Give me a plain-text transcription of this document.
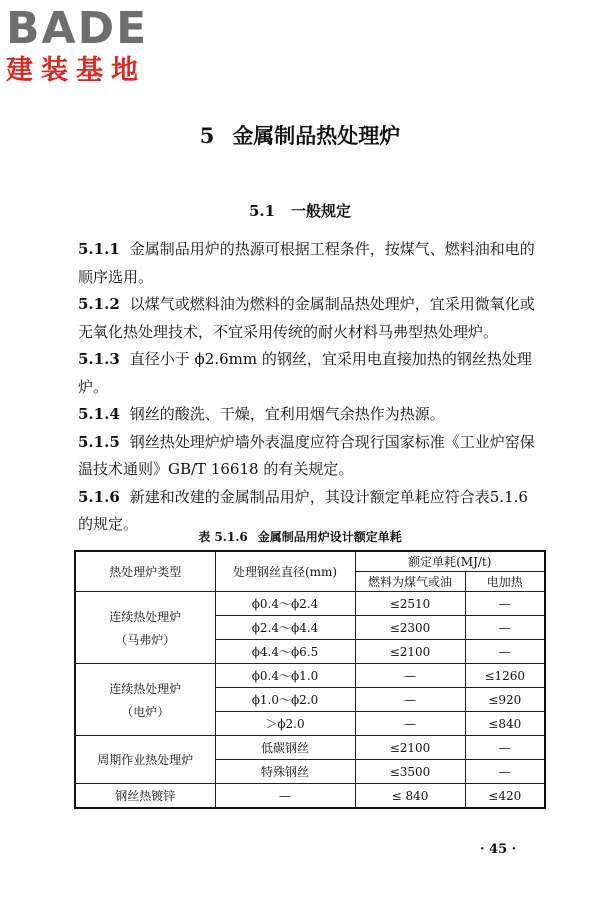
BADE
建装基地
5 金属制品热处理炉
5.1 一般规定

5.1.1 金属制品用炉的热源可根据工程条件，按煤气、燃料油和电的顺序选用。

5.1.2 以煤气或燃料油为燃料的金属制品热处理炉，宜采用微氧化或无氧化热处理技术，不宜采用传统的耐火材料马弗型热处理炉。

5.1.3 直径小于 ϕ2.6mm 的钢丝，宜采用电直接加热的钢丝热处理炉。

5.1.4 钢丝的酸洗、干燥，宜利用烟气余热作为热源。

5.1.5 钢丝热处理炉炉墙外表温度应符合现行国家标准《工业炉窑保温技术通则》GB/T 16618 的有关规定。

5.1.6 新建和改建的金属制品用炉，其设计额定单耗应符合表5.1.6 的规定。

表 5.1.6 金属制品用炉设计额定单耗
热处理炉类型	处理钢丝直径(mm)	额定单耗(MJ/t)	
		燃料为煤气或油	电加热

连续热处理炉
（马弗炉）	ϕ0.4～ϕ2.4	≤2510	—
	ϕ2.4～ϕ4.4	≤2300	—
	ϕ4.4～ϕ6.5	≤2100	—

连续热处理炉
（电炉）	ϕ0.4～ϕ1.0	—	≤1260
	ϕ1.0～ϕ2.0	—	≤920
	＞ϕ2.0	—	≤840

周期作业热处理炉	低碳钢丝	≤2100	—
	特殊钢丝	≤3500	—

钢丝热镀锌	—	≤ 840	≤420
· 45 ·
